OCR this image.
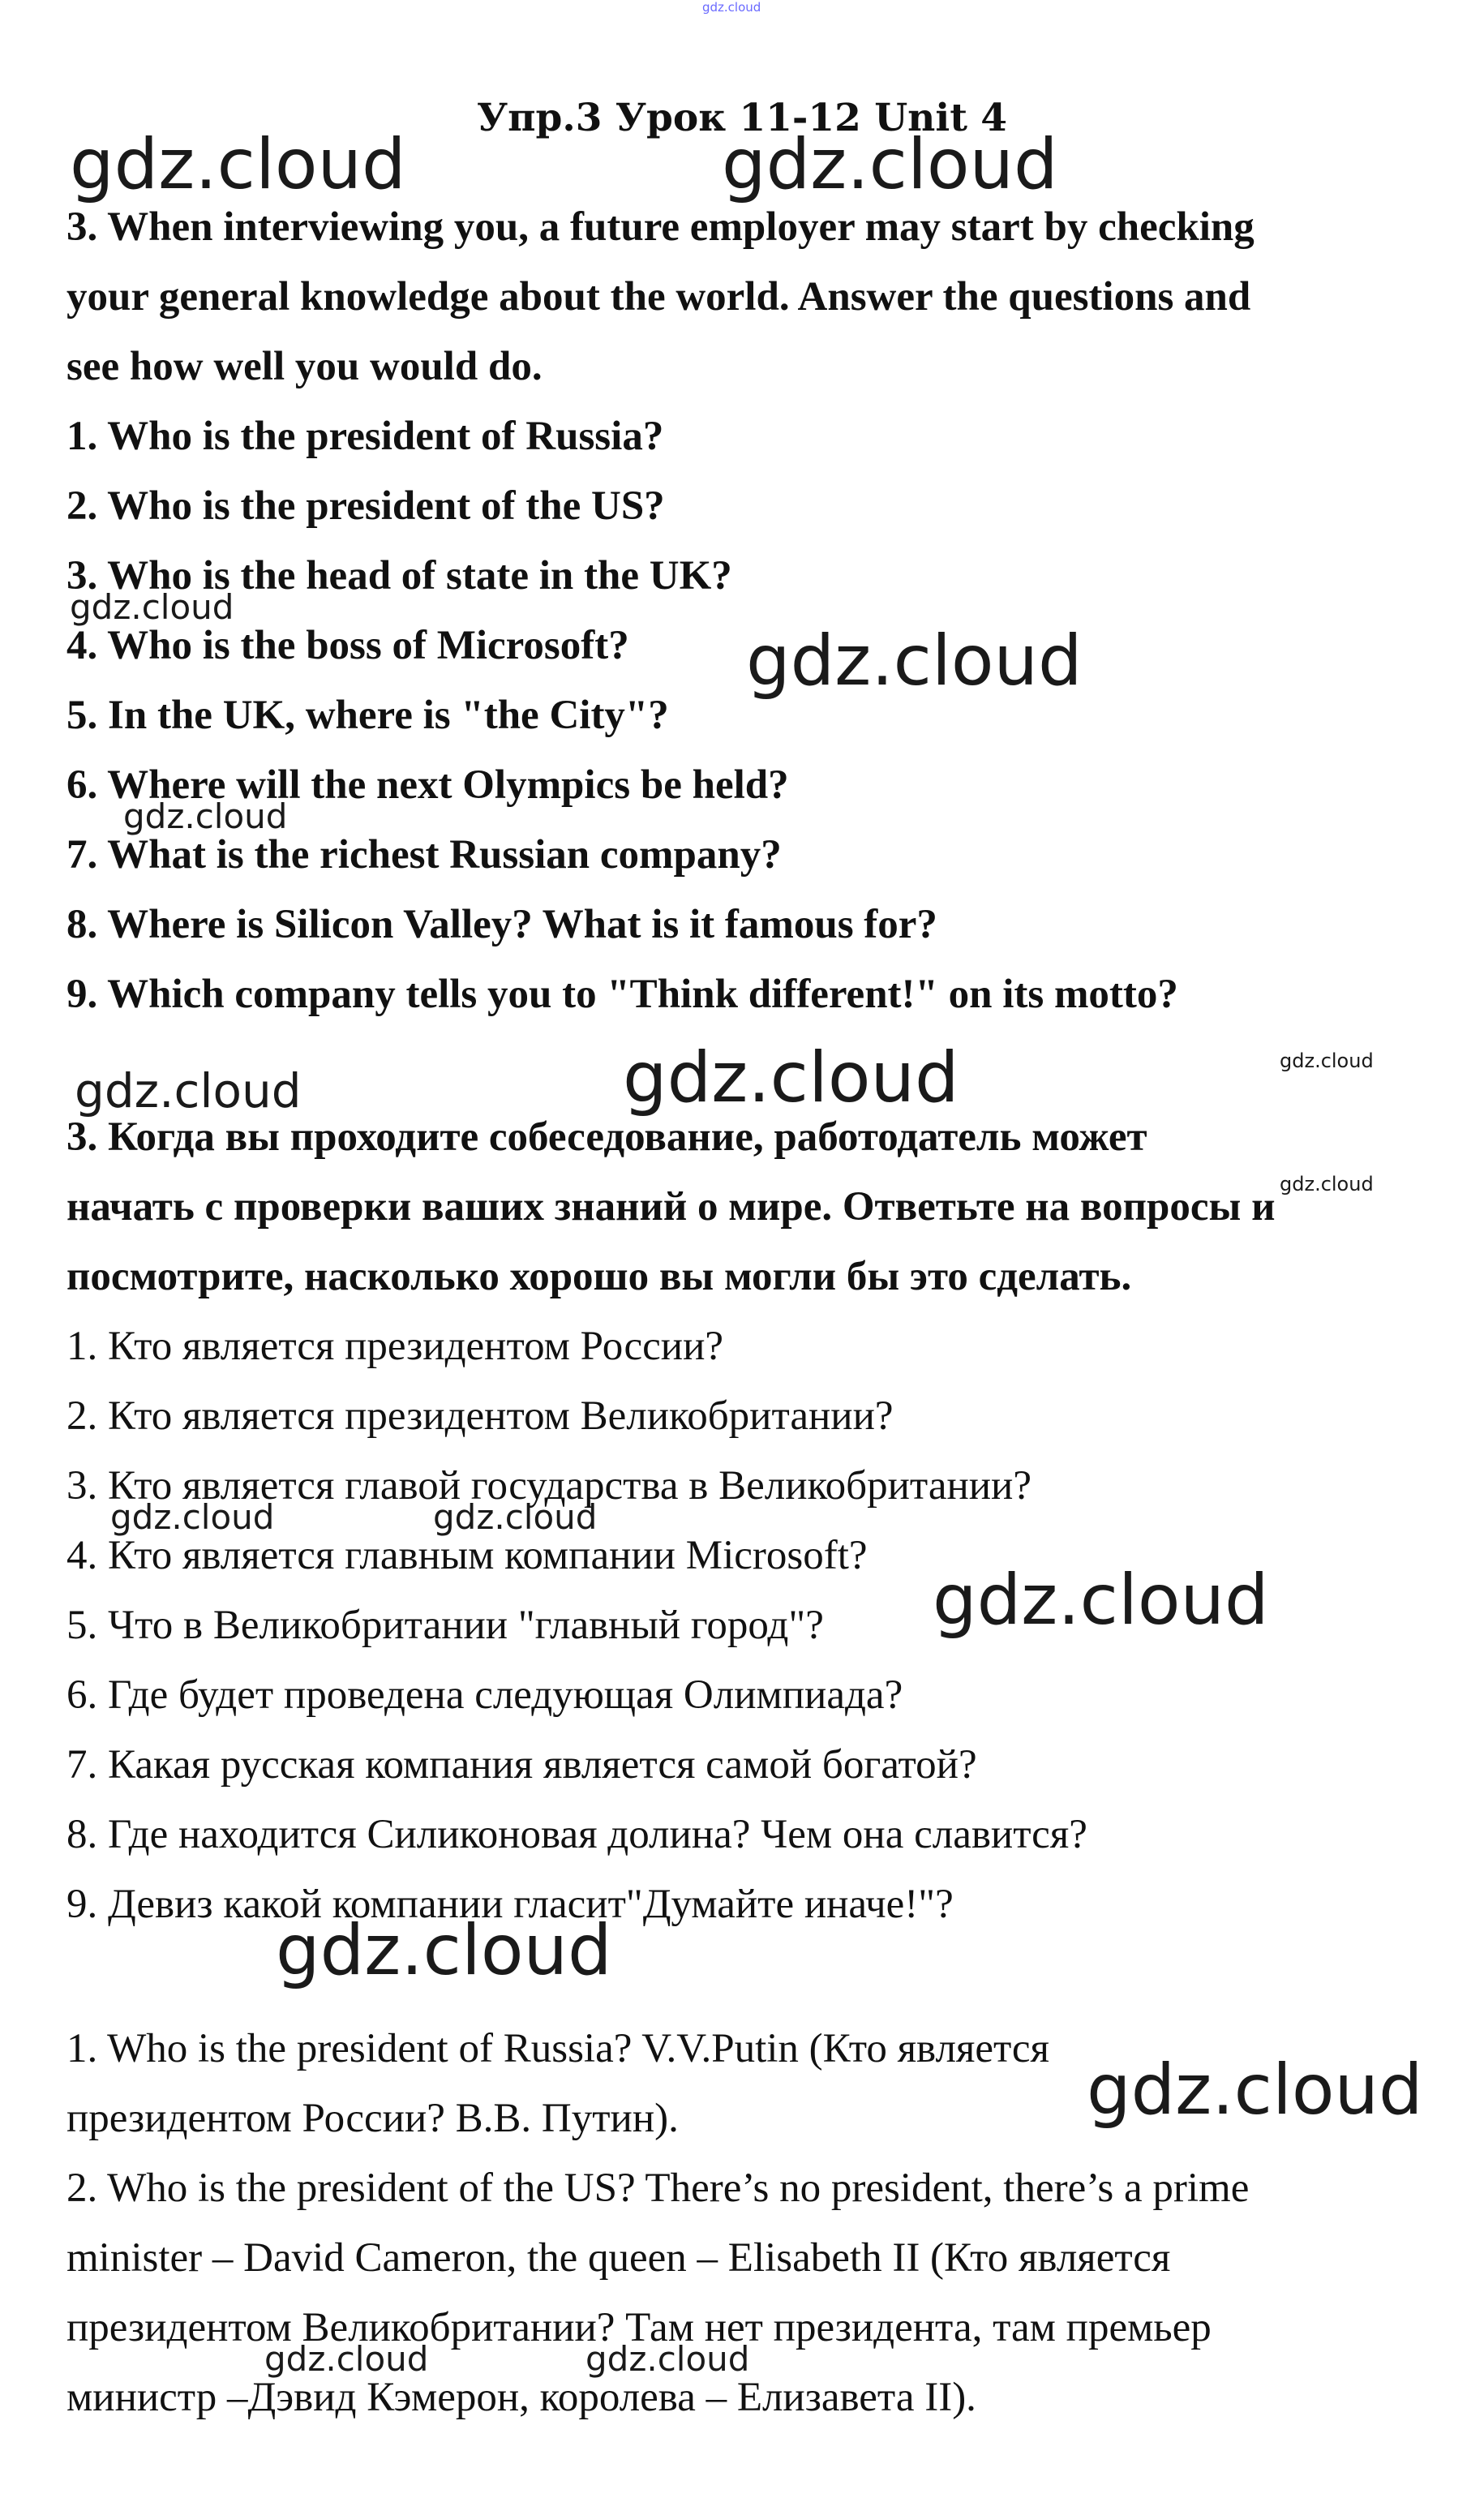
gdz.cloud
Упр.3 Урок 11-12 Unit 4
3. When interviewing you, a future employer may start by checking
your general knowledge about the world. Answer the questions and
see how well you would do.
1. Who is the president of Russia?
2. Who is the president of the US?
3. Who is the head of state in the UK?
4. Who is the boss of Microsoft?
5. In the UK, where is "the City"?
6. Where will the next Olympics be held?
7. What is the richest Russian company?
8. Where is Silicon Valley? What is it famous for?
9. Which company tells you to "Think different!" on its motto?
3. Когда вы проходите собеседование, работодатель может
начать с проверки ваших знаний о мире. Ответьте на вопросы и
посмотрите, насколько хорошо вы могли бы это сделать.
1. Кто является президентом России?
2. Кто является президентом Великобритании?
3. Кто является главой государства в Великобритании?
4. Кто является главным компании Microsoft?
5. Что в Великобритании "главный город"?
6. Где будет проведена следующая Олимпиада?
7. Какая русская компания является самой богатой?
8. Где находится Силиконовая долина? Чем она славится?
9. Девиз какой компании гласит"Думайте иначе!"?
1. Who is the president of Russia? V.V.Putin (Кто является
президентом России? В.В. Путин).
2. Who is the president of the US? There’s no president, there’s a prime
minister – David Cameron, the queen – Elisabeth II (Кто является
президентом Великобритании? Там нет президента, там премьер
министр –Дэвид Кэмерон, королева – Елизавета II).
gdz.cloud	gdz.cloud
gdz.cloud
gdz.cloud
gdz.cloud
gdz.cloud	gdz.cloud	gdz.cloud
gdz.cloud
gdz.cloud	gdz.cloud
gdz.cloud
gdz.cloud
gdz.cloud
gdz.cloud	gdz.cloud
